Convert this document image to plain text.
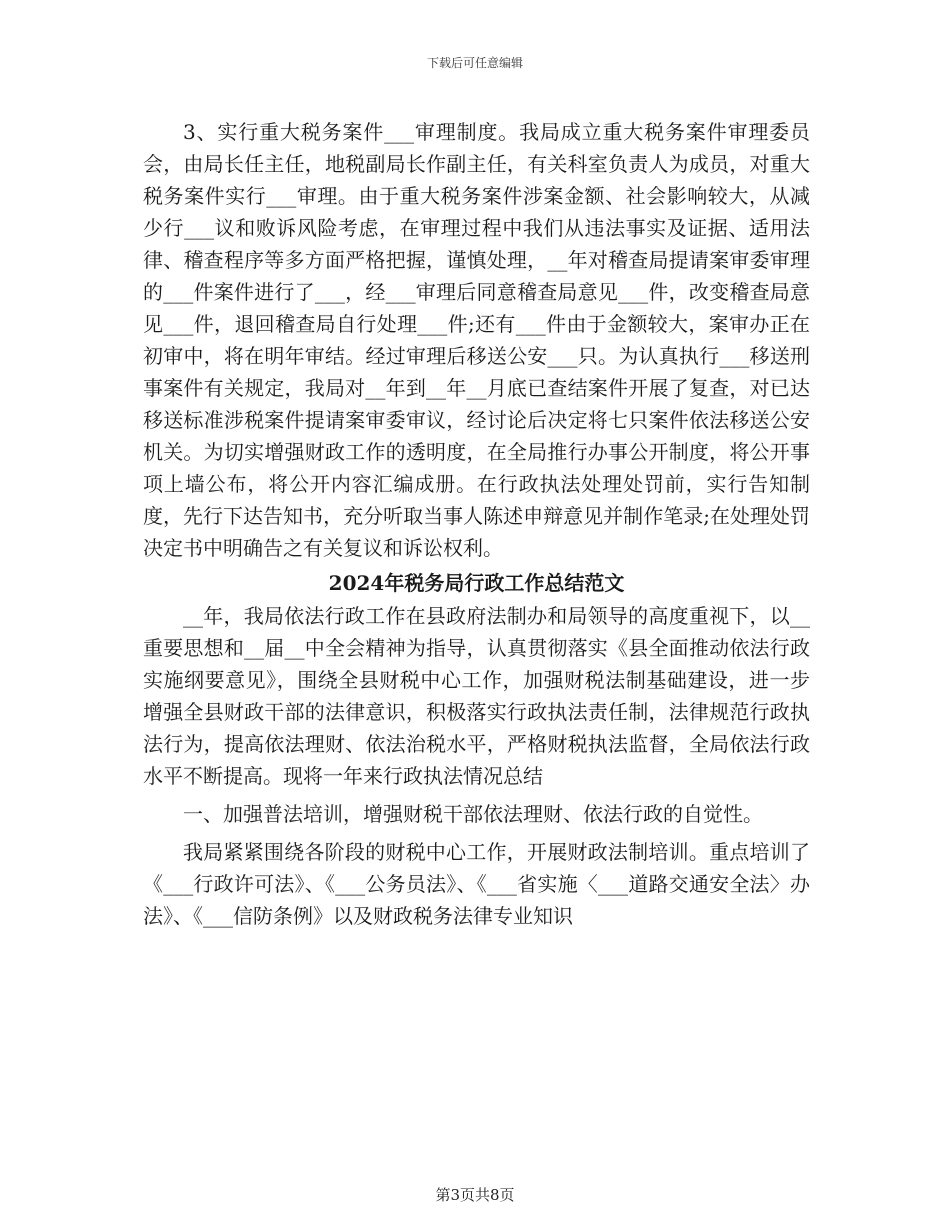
下载后可任意编辑

3、实行重大税务案件___审理制度。我局成立重大税务案件审理委员会，由局长任主任，地税副局长作副主任，有关科室负责人为成员，对重大税务案件实行___审理。由于重大税务案件涉案金额、社会影响较大，从减少行___议和败诉风险考虑，在审理过程中我们从违法事实及证据、适用法律、稽查程序等多方面严格把握，谨慎处理，__年对稽查局提请案审委审理的___件案件进行了___，经___审理后同意稽查局意见___件，改变稽查局意见___件，退回稽查局自行处理___件;还有___件由于金额较大，案审办正在初审中，将在明年审结。经过审理后移送公安___只。为认真执行___移送刑事案件有关规定，我局对__年到__年__月底已查结案件开展了复查，对已达移送标准涉税案件提请案审委审议，经讨论后决定将七只案件依法移送公安机关。为切实增强财政工作的透明度，在全局推行办事公开制度，将公开事项上墙公布，将公开内容汇编成册。在行政执法处理处罚前，实行告知制度，先行下达告知书，充分听取当事人陈述申辩意见并制作笔录;在处理处罚决定书中明确告之有关复议和诉讼权利。

2024年税务局行政工作总结范文

__年，我局依法行政工作在县政府法制办和局领导的高度重视下，以__重要思想和__届__中全会精神为指导，认真贯彻落实《县全面推动依法行政实施纲要意见》，围绕全县财税中心工作，加强财税法制基础建设，进一步增强全县财政干部的法律意识，积极落实行政执法责任制，法律规范行政执法行为，提高依法理财、依法治税水平，严格财税执法监督，全局依法行政水平不断提高。现将一年来行政执法情况总结

一、加强普法培训，增强财税干部依法理财、依法行政的自觉性。

我局紧紧围绕各阶段的财税中心工作，开展财政法制培训。重点培训了《___行政许可法》、《___公务员法》、《___省实施〈___道路交通安全法〉办法》、《___信防条例》以及财政税务法律专业知识

第3页共8页
